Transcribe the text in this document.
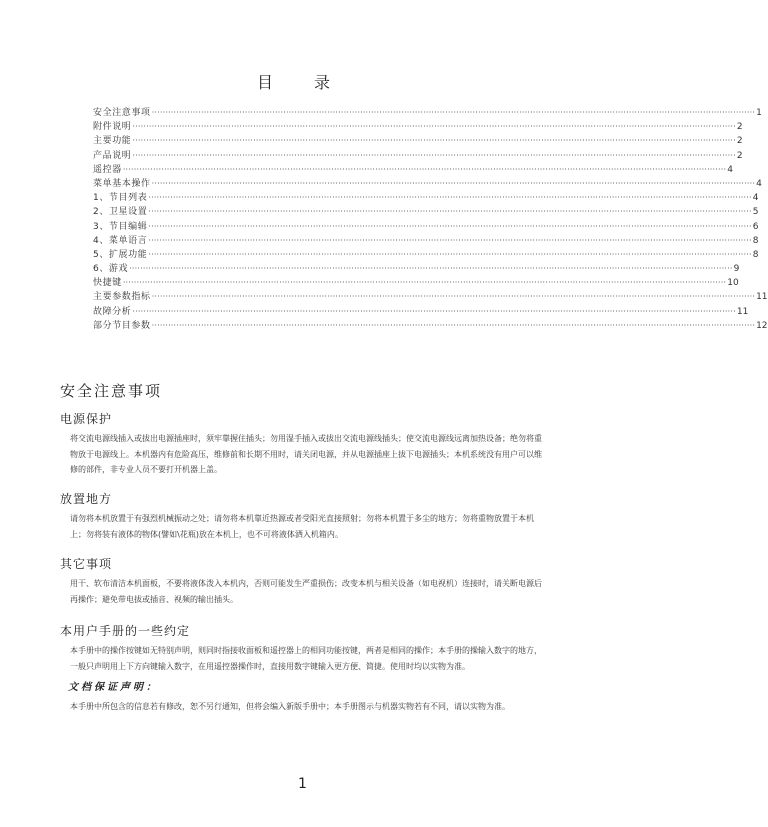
目 录
安全注意事项 ···························································································································································································································· 1
附件说明 ···························································································································································································································· 2
主要功能 ···························································································································································································································· 2
产品说明 ···························································································································································································································· 2
遥控器 ···························································································································································································································· 4
菜单基本操作 ···························································································································································································································· 4
1、节目列表 ···························································································································································································································· 4
2、卫星设置 ···························································································································································································································· 5
3、节目编辑 ···························································································································································································································· 6
4、菜单语言 ···························································································································································································································· 8
5、扩展功能 ···························································································································································································································· 8
6、游戏 ···························································································································································································································· 9
快捷键 ···························································································································································································································· 10
主要参数指标 ···························································································································································································································· 11
故障分析 ···························································································································································································································· 11
部分节目参数 ···························································································································································································································· 12
安全注意事项
电源保护
将交流电源线插入或拔出电源插座时，须牢靠握住插头；勿用湿手插入或拔出交流电源线插头；使交流电源线远离加热设备；绝勿将重物放于电源线上。本机器内有危险高压，维修前和长期不用时，请关闭电源，并从电源插座上拔下电源插头；本机系统没有用户可以维修的部件，非专业人员不要打开机器上盖。
放置地方
请勿将本机放置于有强烈机械振动之处；请勿将本机靠近热源或者受阳光直接照射；勿将本机置于多尘的地方；勿将重物放置于本机上；勿将装有液体的物体(譬如\花瓶)放在本机上，也不可将液体洒入机箱内。
其它事项
用干、软布清洁本机面板，不要将液体泼入本机内，否则可能发生严重损伤；改变本机与相关设备（如电视机）连接时，请关断电源后再操作；避免带电拔或插音、视频的输出插头。
本用户手册的一些约定
本手册中的操作按键如无特别声明，则同时指接收面板和遥控器上的相同功能按键，两者是相同的操作；本手册的操输入数字的地方，一般只声明用上下方向键输入数字，在用遥控器操作时，直接用数字键输入更方便、简捷。使用时均以实物为准。
文档保证声明：
本手册中所包含的信息若有修改，恕不另行通知，但将会编入新版手册中；本手册图示与机器实物若有不同，请以实物为准。
1
